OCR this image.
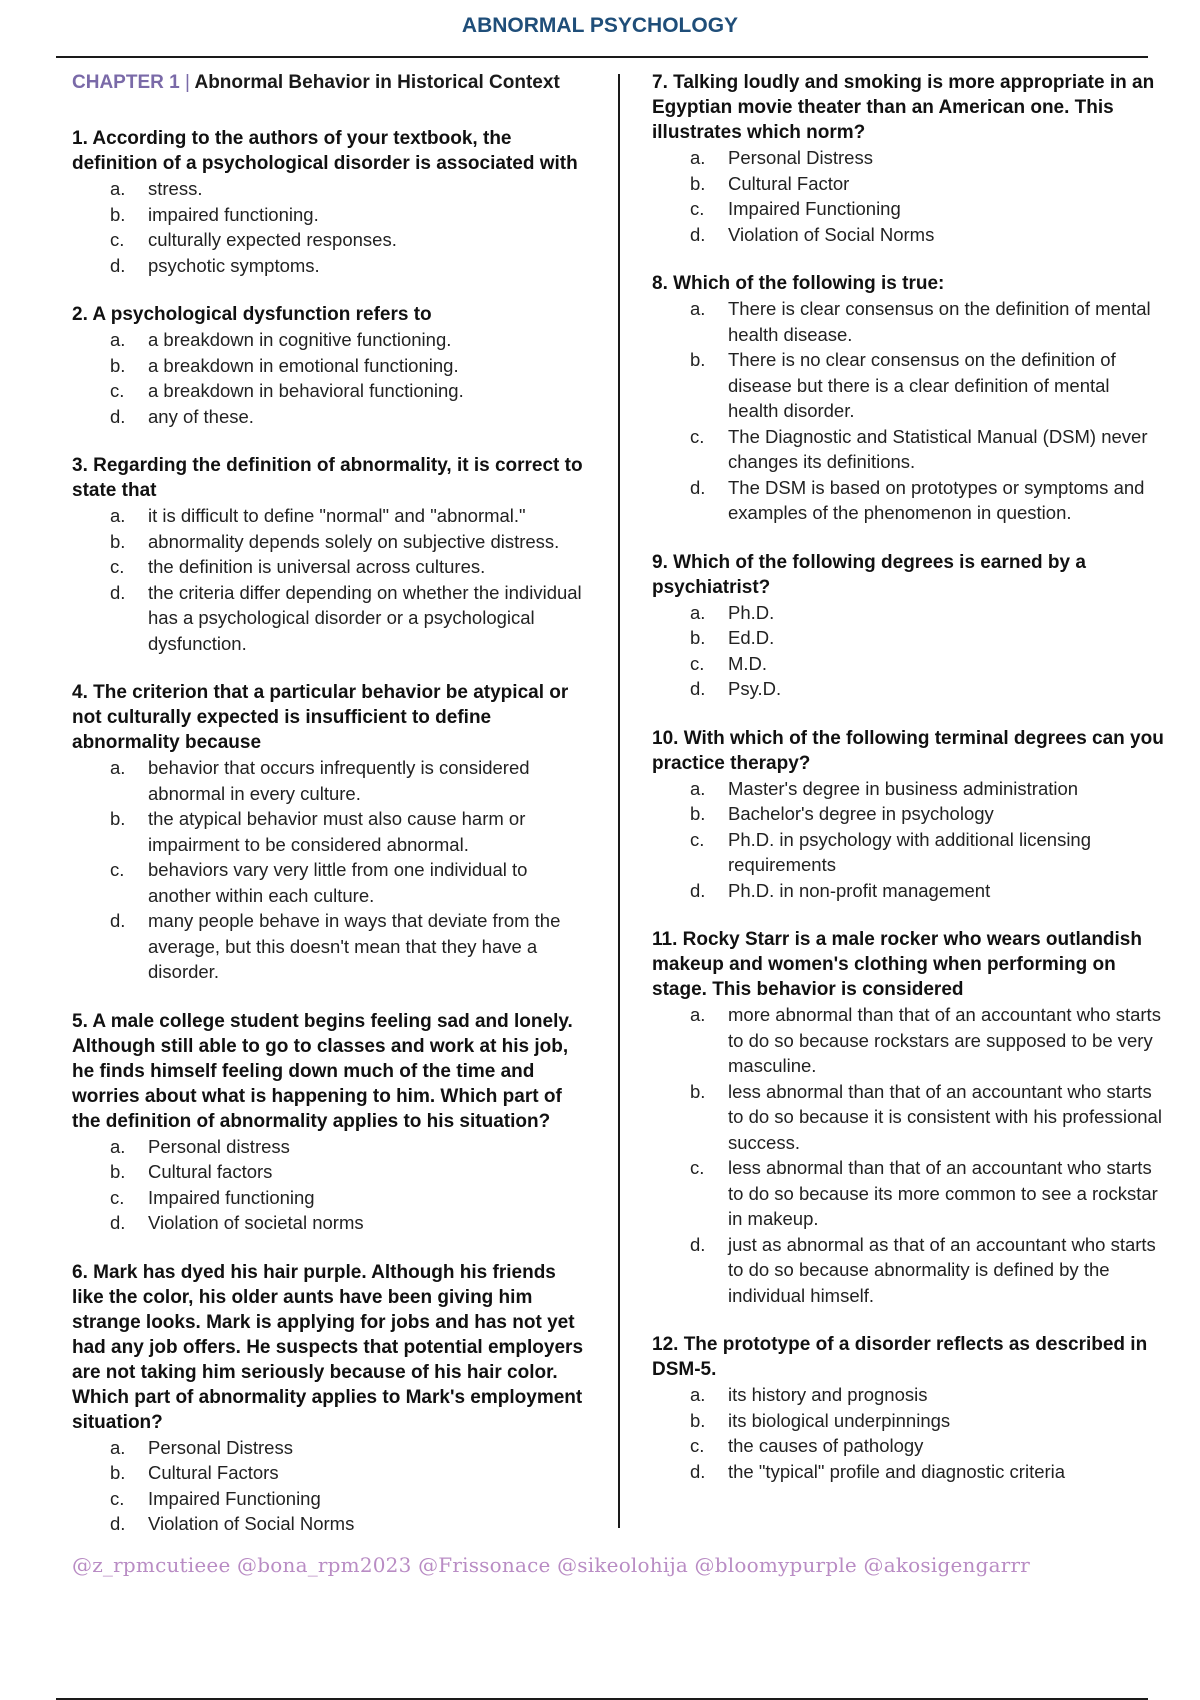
ABNORMAL PSYCHOLOGY
CHAPTER 1 | Abnormal Behavior in Historical Context
1. According to the authors of your textbook, the definition of a psychological disorder is associated with
a.	stress.
b.	impaired functioning.
c.	culturally expected responses.
d.	psychotic symptoms.
2. A psychological dysfunction refers to
a.	a breakdown in cognitive functioning.
b.	a breakdown in emotional functioning.
c.	a breakdown in behavioral functioning.
d.	any of these.
3. Regarding the definition of abnormality, it is correct to state that
a.	it is difficult to define "normal" and "abnormal."
b.	abnormality depends solely on subjective distress.
c.	the definition is universal across cultures.
d.	the criteria differ depending on whether the individual has a psychological disorder or a psychological dysfunction.
4. The criterion that a particular behavior be atypical or not culturally expected is insufficient to define abnormality because
a.	behavior that occurs infrequently is considered abnormal in every culture.
b.	the atypical behavior must also cause harm or impairment to be considered abnormal.
c.	behaviors vary very little from one individual to another within each culture.
d.	many people behave in ways that deviate from the average, but this doesn't mean that they have a disorder.
5. A male college student begins feeling sad and lonely. Although still able to go to classes and work at his job, he finds himself feeling down much of the time and worries about what is happening to him. Which part of the definition of abnormality applies to his situation?
a.	Personal distress
b.	Cultural factors
c.	Impaired functioning
d.	Violation of societal norms
6. Mark has dyed his hair purple. Although his friends like the color, his older aunts have been giving him strange looks. Mark is applying for jobs and has not yet had any job offers. He suspects that potential employers are not taking him seriously because of his hair color. Which part of abnormality applies to Mark's employment situation?
a.	Personal Distress
b.	Cultural Factors
c.	Impaired Functioning
d.	Violation of Social Norms
7. Talking loudly and smoking is more appropriate in an Egyptian movie theater than an American one. This illustrates which norm?
a.	Personal Distress
b.	Cultural Factor
c.	Impaired Functioning
d.	Violation of Social Norms
8. Which of the following is true:
a.	There is clear consensus on the definition of mental health disease.
b.	There is no clear consensus on the definition of disease but there is a clear definition of mental health disorder.
c.	The Diagnostic and Statistical Manual (DSM) never changes its definitions.
d.	The DSM is based on prototypes or symptoms and examples of the phenomenon in question.
9. Which of the following degrees is earned by a psychiatrist?
a.	Ph.D.
b.	Ed.D.
c.	M.D.
d.	Psy.D.
10. With which of the following terminal degrees can you practice therapy?
a.	Master's degree in business administration
b.	Bachelor's degree in psychology
c.	Ph.D. in psychology with additional licensing requirements
d.	Ph.D. in non-profit management
11. Rocky Starr is a male rocker who wears outlandish makeup and women's clothing when performing on stage. This behavior is considered
a.	more abnormal than that of an accountant who starts to do so because rockstars are supposed to be very masculine.
b.	less abnormal than that of an accountant who starts to do so because it is consistent with his professional success.
c.	less abnormal than that of an accountant who starts to do so because its more common to see a rockstar in makeup.
d.	just as abnormal as that of an accountant who starts to do so because abnormality is defined by the individual himself.
12. The prototype of a disorder reflects as described in DSM-5.
a.	its history and prognosis
b.	its biological underpinnings
c.	the causes of pathology
d.	the "typical" profile and diagnostic criteria
@z_rpmcutieee @bona_rpm2023 @Frissonace @sikeolohija @bloomypurple @akosigengarrr
